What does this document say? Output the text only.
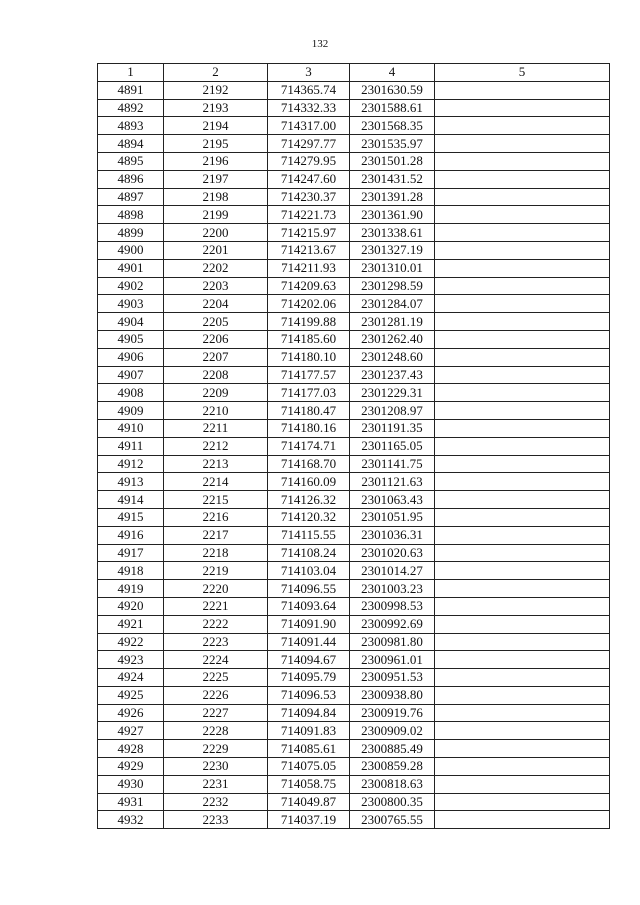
132
1	2	3	4	5
4891	2192	714365.74	2301630.59	
4892	2193	714332.33	2301588.61	
4893	2194	714317.00	2301568.35	
4894	2195	714297.77	2301535.97	
4895	2196	714279.95	2301501.28	
4896	2197	714247.60	2301431.52	
4897	2198	714230.37	2301391.28	
4898	2199	714221.73	2301361.90	
4899	2200	714215.97	2301338.61	
4900	2201	714213.67	2301327.19	
4901	2202	714211.93	2301310.01	
4902	2203	714209.63	2301298.59	
4903	2204	714202.06	2301284.07	
4904	2205	714199.88	2301281.19	
4905	2206	714185.60	2301262.40	
4906	2207	714180.10	2301248.60	
4907	2208	714177.57	2301237.43	
4908	2209	714177.03	2301229.31	
4909	2210	714180.47	2301208.97	
4910	2211	714180.16	2301191.35	
4911	2212	714174.71	2301165.05	
4912	2213	714168.70	2301141.75	
4913	2214	714160.09	2301121.63	
4914	2215	714126.32	2301063.43	
4915	2216	714120.32	2301051.95	
4916	2217	714115.55	2301036.31	
4917	2218	714108.24	2301020.63	
4918	2219	714103.04	2301014.27	
4919	2220	714096.55	2301003.23	
4920	2221	714093.64	2300998.53	
4921	2222	714091.90	2300992.69	
4922	2223	714091.44	2300981.80	
4923	2224	714094.67	2300961.01	
4924	2225	714095.79	2300951.53	
4925	2226	714096.53	2300938.80	
4926	2227	714094.84	2300919.76	
4927	2228	714091.83	2300909.02	
4928	2229	714085.61	2300885.49	
4929	2230	714075.05	2300859.28	
4930	2231	714058.75	2300818.63	
4931	2232	714049.87	2300800.35	
4932	2233	714037.19	2300765.55	
